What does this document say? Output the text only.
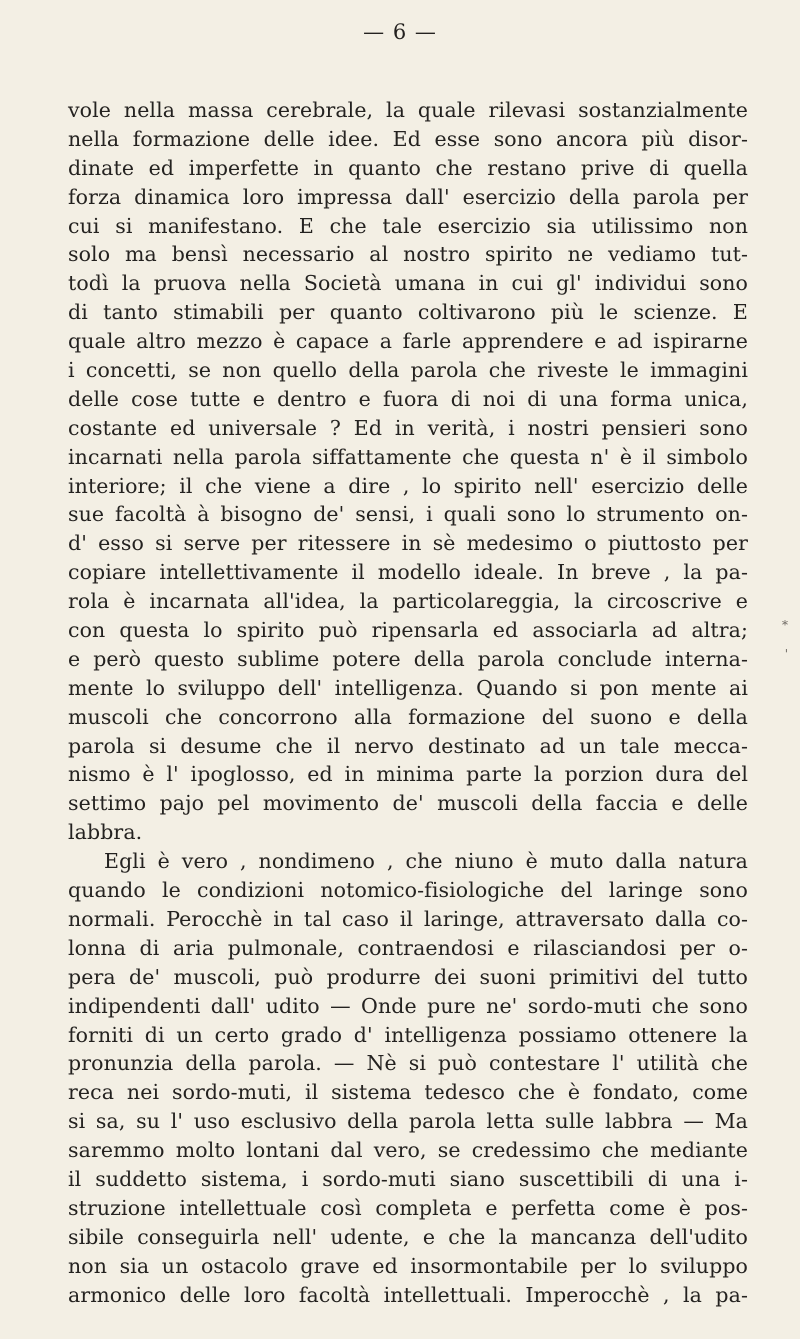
— 6 —
vole nella massa cerebrale, la quale rilevasi sostanzialmente
nella formazione delle idee. Ed esse sono ancora più disor-
dinate ed imperfette in quanto che restano prive di quella
forza dinamica loro impressa dall' esercizio della parola per
cui si manifestano. E che tale esercizio sia utilissimo non
solo ma bensì necessario al nostro spirito ne vediamo tut-
todì la pruova nella Società umana in cui gl' individui sono
di tanto stimabili per quanto coltivarono più le scienze. E
quale altro mezzo è capace a farle apprendere e ad ispirarne
i concetti, se non quello della parola che riveste le immagini
delle cose tutte e dentro e fuora di noi di una forma unica,
costante ed universale ? Ed in verità, i nostri pensieri sono
incarnati nella parola siffattamente che questa n' è il simbolo
interiore; il che viene a dire , lo spirito nell' esercizio delle
sue facoltà à bisogno de' sensi, i quali sono lo strumento on-
d' esso si serve per ritessere in sè medesimo o piuttosto per
copiare intellettivamente il modello ideale. In breve , la pa-
rola è incarnata all'idea, la particolareggia, la circoscrive e
con questa lo spirito può ripensarla ed associarla ad altra;
e però questo sublime potere della parola conclude interna-
mente lo sviluppo dell' intelligenza. Quando si pon mente ai
muscoli che concorrono alla formazione del suono e della
parola si desume che il nervo destinato ad un tale mecca-
nismo è l' ipoglosso, ed in minima parte la porzion dura del
settimo pajo pel movimento de' muscoli della faccia e delle
labbra.
Egli è vero , nondimeno , che niuno è muto dalla natura
quando le condizioni notomico-fisiologiche del laringe sono
normali. Perocchè in tal caso il laringe, attraversato dalla co-
lonna di aria pulmonale, contraendosi e rilasciandosi per o-
pera de' muscoli, può produrre dei suoni primitivi del tutto
indipendenti dall' udito — Onde pure ne' sordo-muti che sono
forniti di un certo grado d' intelligenza possiamo ottenere la
pronunzia della parola. — Nè si può contestare l' utilità che
reca nei sordo-muti, il sistema tedesco che è fondato, come
si sa, su l' uso esclusivo della parola letta sulle labbra — Ma
saremmo molto lontani dal vero, se credessimo che mediante
il suddetto sistema, i sordo-muti siano suscettibili di una i-
struzione intellettuale così completa e perfetta come è pos-
sibile conseguirla nell' udente, e che la mancanza dell'udito
non sia un ostacolo grave ed insormontabile per lo sviluppo
armonico delle loro facoltà intellettuali. Imperocchè , la pa-
*
'
